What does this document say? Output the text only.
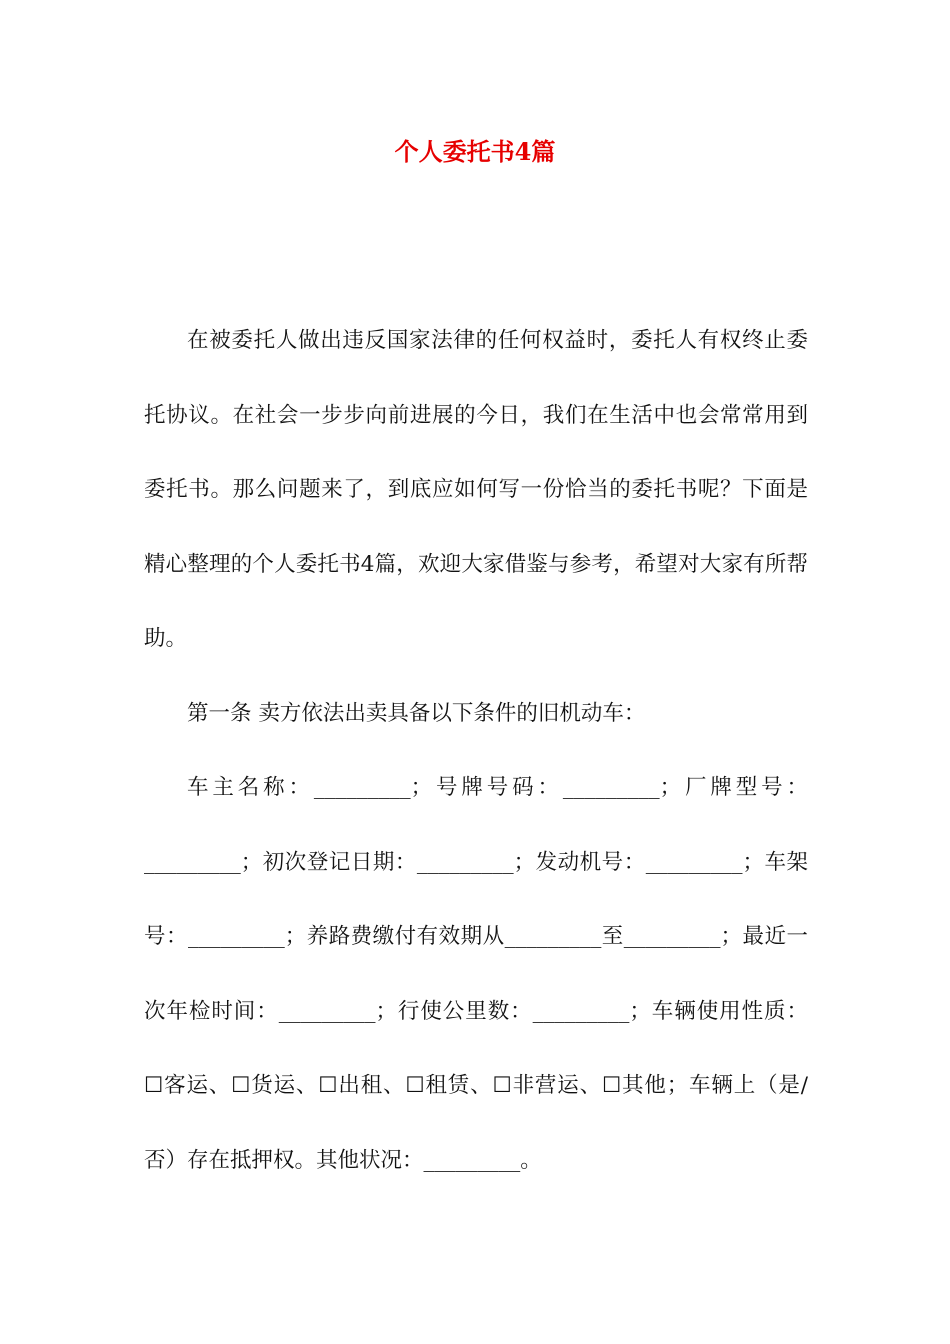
个人委托书4篇

在被委托人做出违反国家法律的任何权益时，委托人有权终止委托协议。在社会一步步向前进展的今日，我们在生活中也会常常用到委托书。那么问题来了，到底应如何写一份恰当的委托书呢？下面是精心整理的个人委托书4篇，欢迎大家借鉴与参考，希望对大家有所帮助。

第一条 卖方依法出卖具备以下条件的旧机动车：

车主名称：_________；号牌号码：_________；厂牌型号：_________；初次登记日期：_________；发动机号：_________；车架号：_________；养路费缴付有效期从_________至_________；最近一次年检时间：_________；行使公里数：_________；车辆使用性质：☐客运、☐货运、☐出租、☐租赁、☐非营运、☐其他；车辆上（是/否）存在抵押权。其他状况：_________。
